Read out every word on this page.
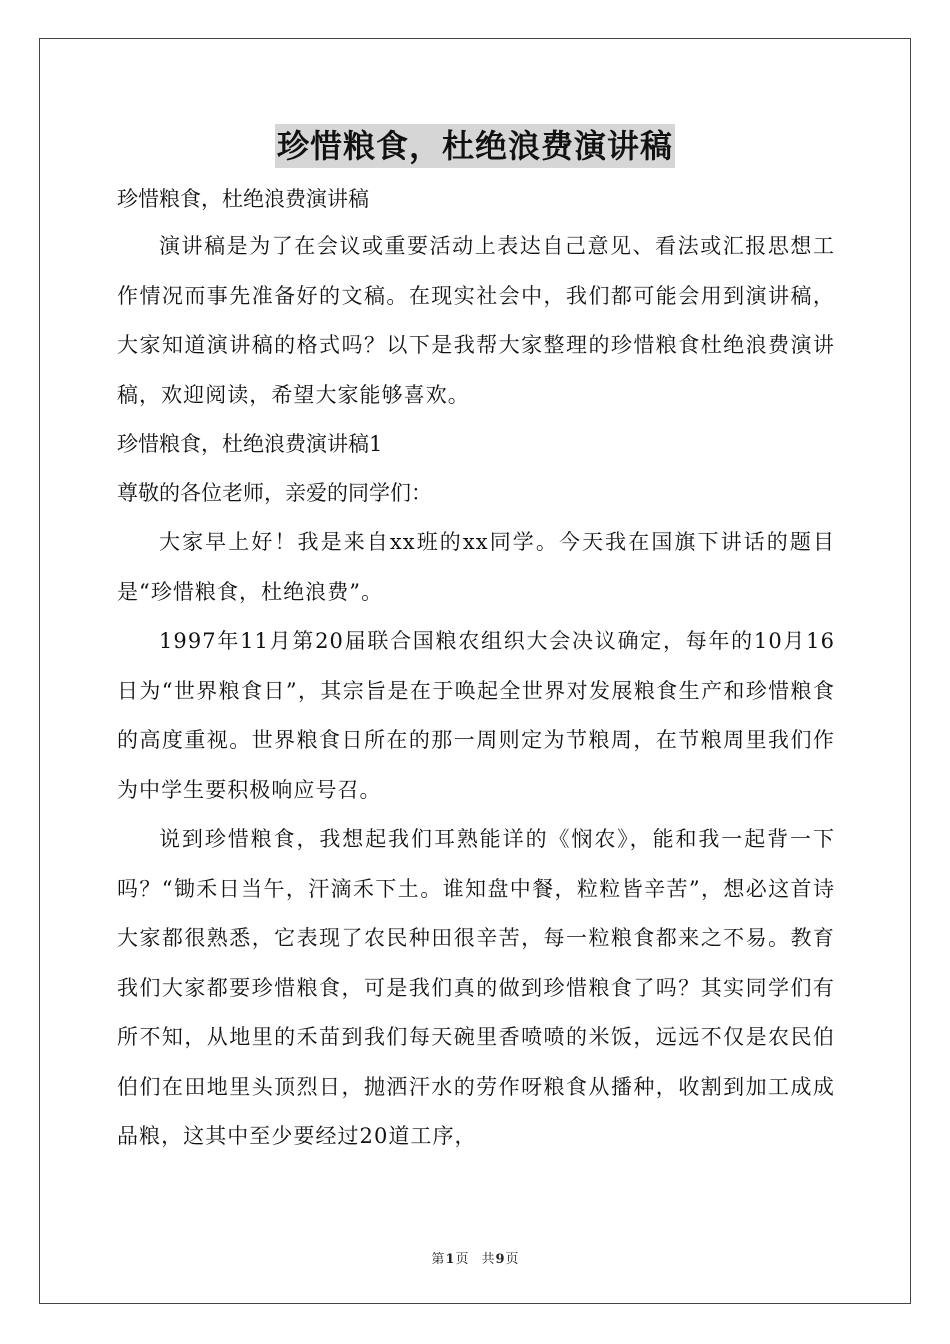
珍惜粮食，杜绝浪费演讲稿
珍惜粮食，杜绝浪费演讲稿

演讲稿是为了在会议或重要活动上表达自己意见、看法或汇报思想工作情况而事先准备好的文稿。在现实社会中，我们都可能会用到演讲稿，大家知道演讲稿的格式吗？以下是我帮大家整理的珍惜粮食杜绝浪费演讲稿，欢迎阅读，希望大家能够喜欢。

珍惜粮食，杜绝浪费演讲稿1
尊敬的各位老师，亲爱的同学们：

大家早上好！我是来自xx班的xx同学。今天我在国旗下讲话的题目是“珍惜粮食，杜绝浪费”。

1997年11月第20届联合国粮农组织大会决议确定，每年的10月16日为“世界粮食日”，其宗旨是在于唤起全世界对发展粮食生产和珍惜粮食的高度重视。世界粮食日所在的那一周则定为节粮周，在节粮周里我们作为中学生要积极响应号召。

说到珍惜粮食，我想起我们耳熟能详的《悯农》，能和我一起背一下吗？“锄禾日当午，汗滴禾下土。谁知盘中餐，粒粒皆辛苦”，想必这首诗大家都很熟悉，它表现了农民种田很辛苦，每一粒粮食都来之不易。教育我们大家都要珍惜粮食，可是我们真的做到珍惜粮食了吗？其实同学们有所不知，从地里的禾苗到我们每天碗里香喷喷的米饭，远远不仅是农民伯伯们在田地里头顶烈日，抛洒汗水的劳作呀粮食从播种，收割到加工成成品粮，这其中至少要经过20道工序，

第1页　共9页
